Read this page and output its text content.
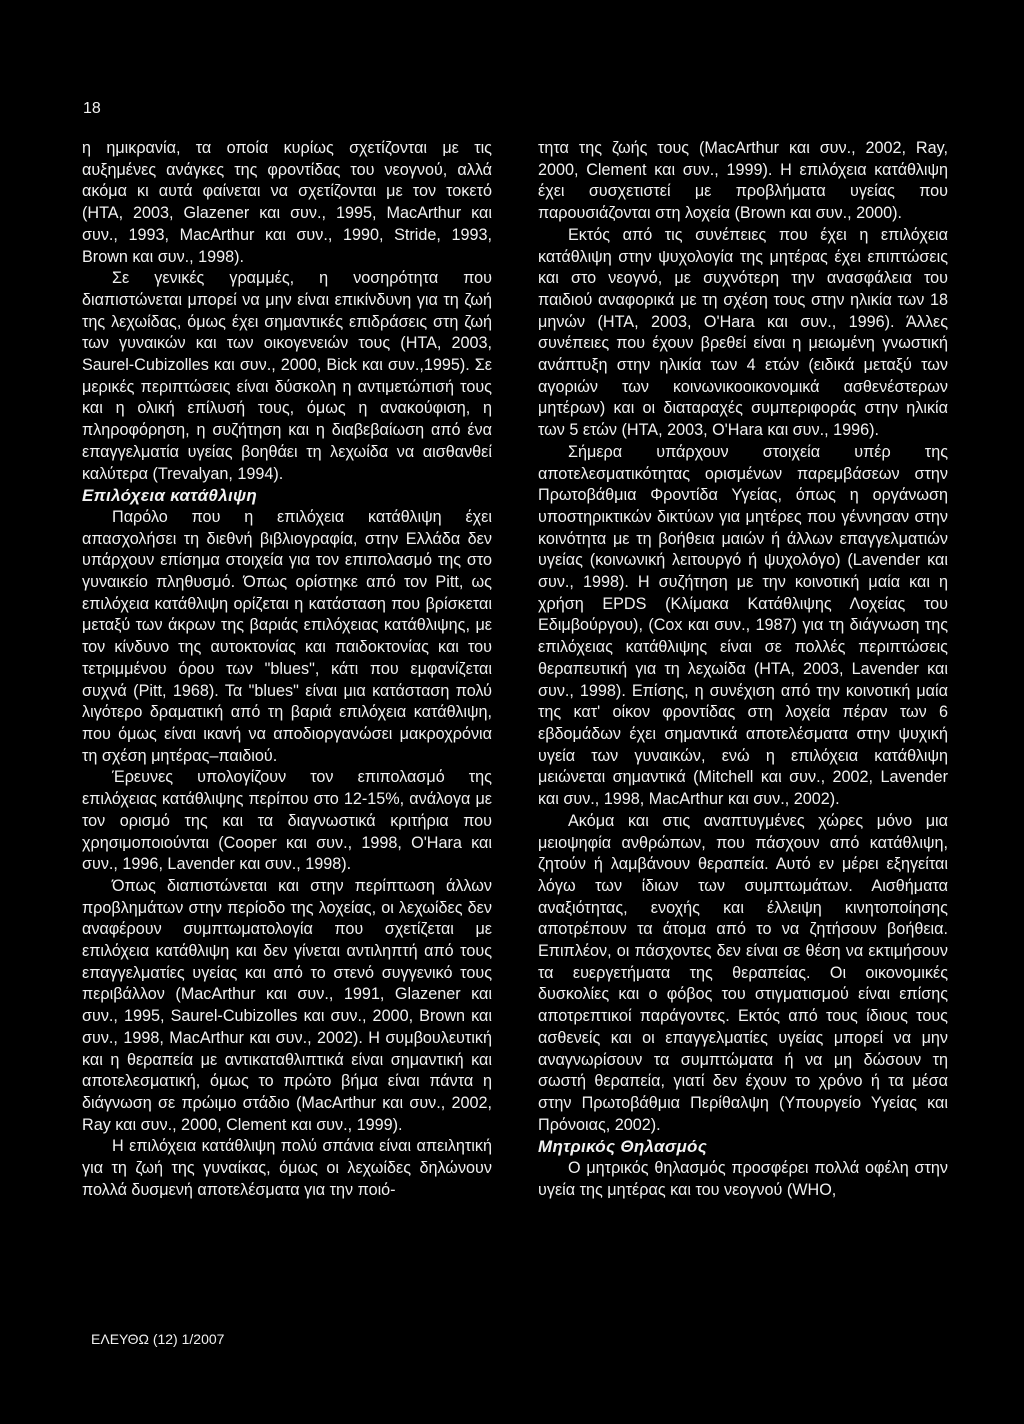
18

η ημικρανία, τα οποία κυρίως σχετίζονται με τις αυξημένες ανάγκες της φροντίδας του νεογνού, αλλά ακόμα κι αυτά φαίνεται να σχετίζονται με τον τοκετό (HTA, 2003, Glazener και συν., 1995, MacArthur και συν., 1993, MacArthur και συν., 1990, Stride, 1993, Brown και συν., 1998).

Σε γενικές γραμμές, η νοσηρότητα που διαπιστώνεται μπορεί να μην είναι επικίνδυνη για τη ζωή της λεχωίδας, όμως έχει σημαντικές επιδράσεις στη ζωή των γυναικών και των οικογενειών τους (HTA, 2003, Saurel-Cubizolles και συν., 2000, Bick και συν.,1995). Σε μερικές περιπτώσεις είναι δύσκολη η αντιμετώπισή τους και η ολική επίλυσή τους, όμως η ανακούφιση, η πληροφόρηση, η συζήτηση και η διαβεβαίωση από ένα επαγγελματία υγείας βοηθάει τη λεχωίδα να αισθανθεί καλύτερα (Trevalyan, 1994).

Επιλόχεια κατάθλιψη

Παρόλο που η επιλόχεια κατάθλιψη έχει απασχολήσει τη διεθνή βιβλιογραφία, στην Ελλάδα δεν υπάρχουν επίσημα στοιχεία για τον επιπολασμό της στο γυναικείο πληθυσμό. Όπως ορίστηκε από τον Pitt, ως επιλόχεια κατάθλιψη ορίζεται η κατάσταση που βρίσκεται μεταξύ των άκρων της βαριάς επιλόχειας κατάθλιψης, με τον κίνδυνο της αυτοκτονίας και παιδοκτονίας και του τετριμμένου όρου των "blues", κάτι που εμφανίζεται συχνά (Pitt, 1968). Τα "blues" είναι μια κατάσταση πολύ λιγότερο δραματική από τη βαριά επιλόχεια κατάθλιψη, που όμως είναι ικανή να αποδιοργανώσει μακροχρόνια τη σχέση μητέρας–παιδιού.

Έρευνες υπολογίζουν τον επιπολασμό της επιλόχειας κατάθλιψης περίπου στο 12-15%, ανάλογα με τον ορισμό της και τα διαγνωστικά κριτήρια που χρησιμοποιούνται (Cooper και συν., 1998, O'Hara και συν., 1996, Lavender και συν., 1998).

Όπως διαπιστώνεται και στην περίπτωση άλλων προβλημάτων στην περίοδο της λοχείας, οι λεχωίδες δεν αναφέρουν συμπτωματολογία που σχετίζεται με επιλόχεια κατάθλιψη και δεν γίνεται αντιληπτή από τους επαγγελματίες υγείας και από το στενό συγγενικό τους περιβάλλον (MacArthur και συν., 1991, Glazener και συν., 1995, Saurel-Cubizolles και συν., 2000, Brown και συν., 1998, MacArthur και συν., 2002). Η συμβουλευτική και η θεραπεία με αντικαταθλιπτικά είναι σημαντική και αποτελεσματική, όμως το πρώτο βήμα είναι πάντα η διάγνωση σε πρώιμο στάδιο (MacArthur και συν., 2002, Ray και συν., 2000, Clement και συν., 1999).

Η επιλόχεια κατάθλιψη πολύ σπάνια είναι απειλητική για τη ζωή της γυναίκας, όμως οι λεχωίδες δηλώνουν πολλά δυσμενή αποτελέσματα για την ποιό-

τητα της ζωής τους (MacArthur και συν., 2002, Ray, 2000, Clement και συν., 1999). Η επιλόχεια κατάθλιψη έχει συσχετιστεί με προβλήματα υγείας που παρουσιάζονται στη λοχεία (Brown και συν., 2000).

Εκτός από τις συνέπειες που έχει η επιλόχεια κατάθλιψη στην ψυχολογία της μητέρας έχει επιπτώσεις και στο νεογνό, με συχνότερη την ανασφάλεια του παιδιού αναφορικά με τη σχέση τους στην ηλικία των 18 μηνών (HTA, 2003, O'Hara και συν., 1996). Άλλες συνέπειες που έχουν βρεθεί είναι η μειωμένη γνωστική ανάπτυξη στην ηλικία των 4 ετών (ειδικά μεταξύ των αγοριών των κοινωνικοοικονομικά ασθενέστερων μητέρων) και οι διαταραχές συμπεριφοράς στην ηλικία των 5 ετών (HTA, 2003, O'Hara και συν., 1996).

Σήμερα υπάρχουν στοιχεία υπέρ της αποτελεσματικότητας ορισμένων παρεμβάσεων στην Πρωτοβάθμια Φροντίδα Υγείας, όπως η οργάνωση υποστηρικτικών δικτύων για μητέρες που γέννησαν στην κοινότητα με τη βοήθεια μαιών ή άλλων επαγγελματιών υγείας (κοινωνική λειτουργό ή ψυχολόγο) (Lavender και συν., 1998). Η συζήτηση με την κοινοτική μαία και η χρήση EPDS (Κλίμακα Κατάθλιψης Λοχείας του Εδιμβούργου), (Cox και συν., 1987) για τη διάγνωση της επιλόχειας κατάθλιψης είναι σε πολλές περιπτώσεις θεραπευτική για τη λεχωίδα (HTA, 2003, Lavender και συν., 1998). Επίσης, η συνέχιση από την κοινοτική μαία της κατ' οίκον φροντίδας στη λοχεία πέραν των 6 εβδομάδων έχει σημαντικά αποτελέσματα στην ψυχική υγεία των γυναικών, ενώ η επιλόχεια κατάθλιψη μειώνεται σημαντικά (Mitchell και συν., 2002, Lavender και συν., 1998, MacArthur και συν., 2002).

Ακόμα και στις αναπτυγμένες χώρες μόνο μια μειοψηφία ανθρώπων, που πάσχουν από κατάθλιψη, ζητούν ή λαμβάνουν θεραπεία. Αυτό εν μέρει εξηγείται λόγω των ίδιων των συμπτωμάτων. Αισθήματα αναξιότητας, ενοχής και έλλειψη κινητοποίησης αποτρέπουν τα άτομα από το να ζητήσουν βοήθεια. Επιπλέον, οι πάσχοντες δεν είναι σε θέση να εκτιμήσουν τα ευεργετήματα της θεραπείας. Οι οικονομικές δυσκολίες και ο φόβος του στιγματισμού είναι επίσης αποτρεπτικοί παράγοντες. Εκτός από τους ίδιους τους ασθενείς και οι επαγγελματίες υγείας μπορεί να μην αναγνωρίσουν τα συμπτώματα ή να μη δώσουν τη σωστή θεραπεία, γιατί δεν έχουν το χρόνο ή τα μέσα στην Πρωτοβάθμια Περίθαλψη (Υπουργείο Υγείας και Πρόνοιας, 2002).

Μητρικός Θηλασμός

Ο μητρικός θηλασμός προσφέρει πολλά οφέλη στην υγεία της μητέρας και του νεογνού (WHO,

ΕΛΕΥΘΩ (12) 1/2007
